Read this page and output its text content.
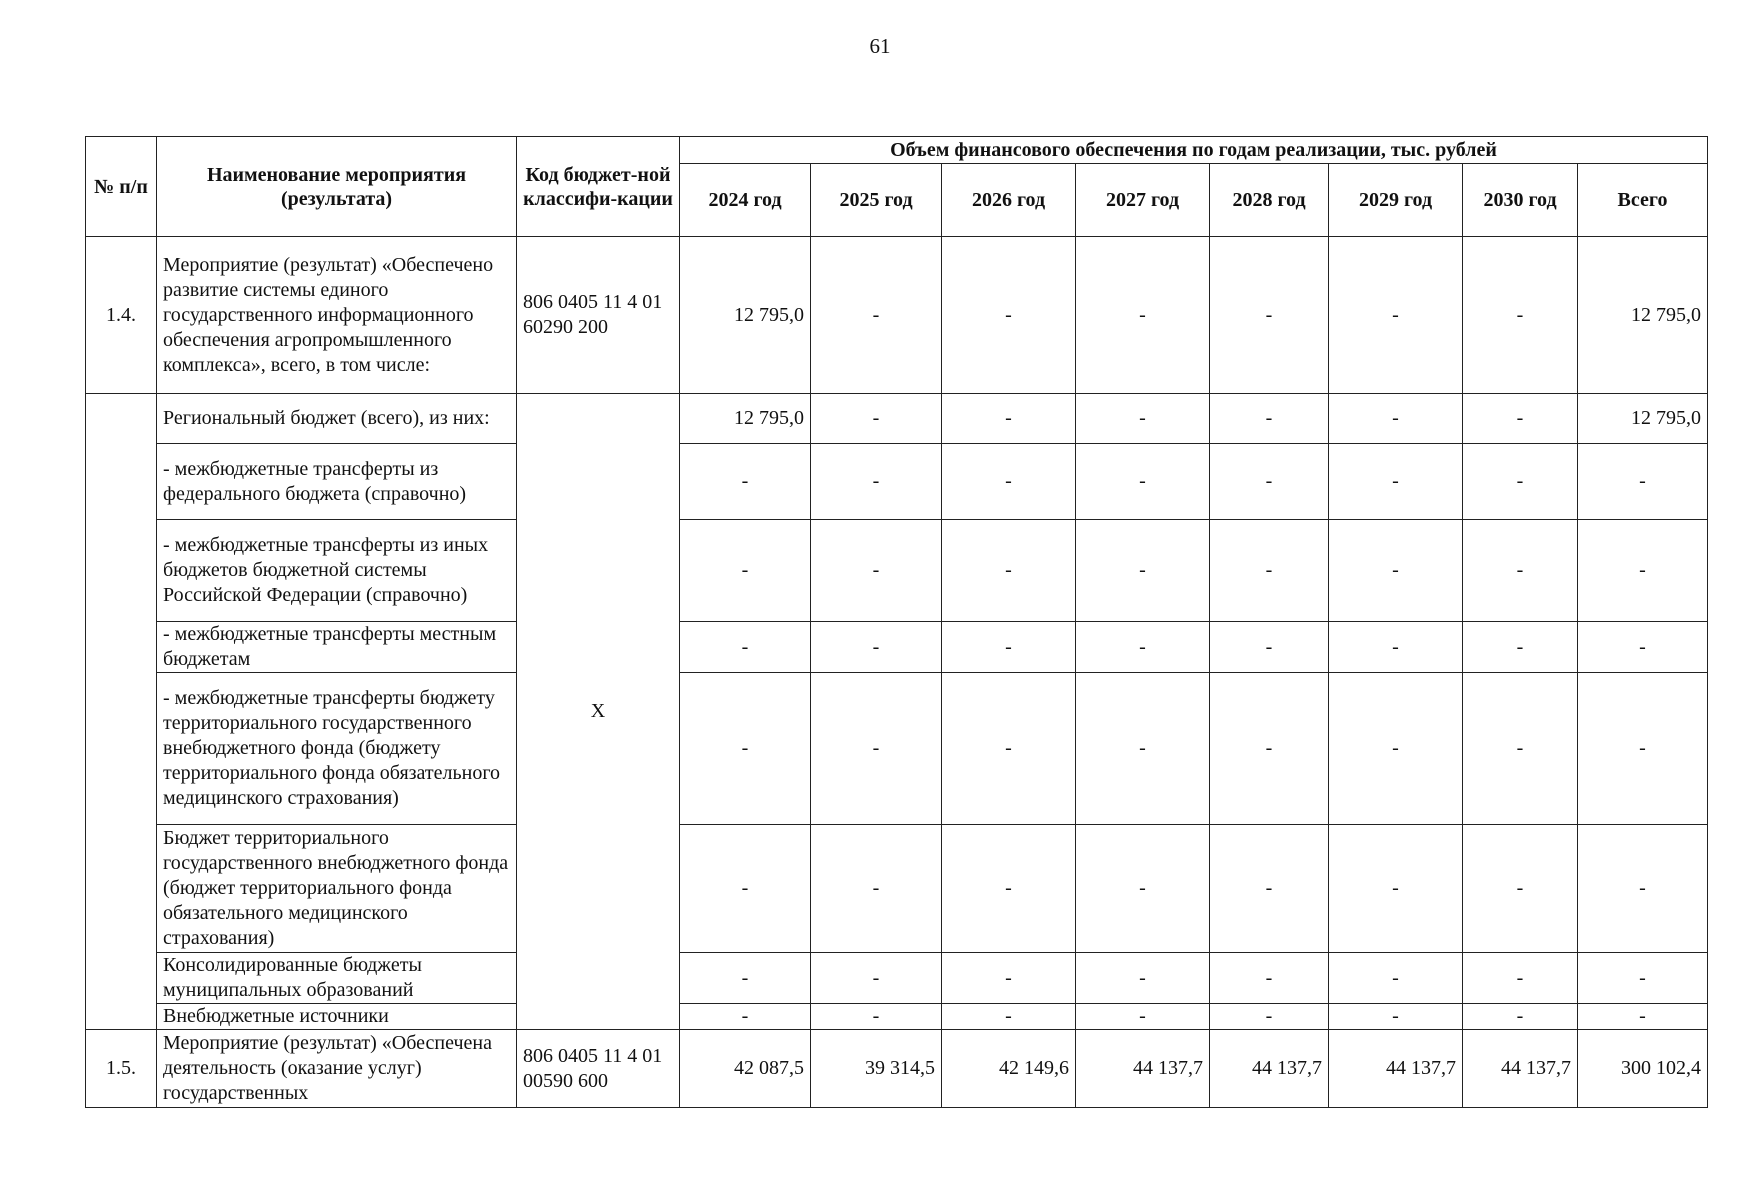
61
№ п/п	Наименование мероприятия (результата)	Код бюджет-ной классифи-кации	Объем финансового обеспечения по годам реализации, тыс. рублей							
			2024 год	2025 год	2026 год	2027 год	2028 год	2029 год	2030 год	Всего
1.4.	Мероприятие (результат) «Обеспечено развитие системы единого государственного информационного обеспечения агропромышленного комплекса», всего, в том числе:	806 0405 11 4 01 60290 200	12 795,0	-	-	-	-	-	-	12 795,0
	Региональный бюджет (всего), из них:	X	12 795,0	-	-	-	-	-	-	12 795,0
	- межбюджетные трансферты из федерального бюджета (справочно)		-	-	-	-	-	-	-	-
	- межбюджетные трансферты из иных бюджетов бюджетной системы Российской Федерации (справочно)		-	-	-	-	-	-	-	-
	- межбюджетные трансферты местным бюджетам		-	-	-	-	-	-	-	-
	- межбюджетные трансферты бюджету территориального государственного внебюджетного фонда (бюджету территориального фонда обязательного медицинского страхования)		-	-	-	-	-	-	-	-
	Бюджет территориального государственного внебюджетного фонда (бюджет территориального фонда обязательного медицинского страхования)		-	-	-	-	-	-	-	-
	Консолидированные бюджеты муниципальных образований		-	-	-	-	-	-	-	-
	Внебюджетные источники		-	-	-	-	-	-	-	-
1.5.	Мероприятие (результат) «Обеспечена деятельность (оказание услуг) государственных	806 0405 11 4 01 00590 600	42 087,5	39 314,5	42 149,6	44 137,7	44 137,7	44 137,7	44 137,7	300 102,4
